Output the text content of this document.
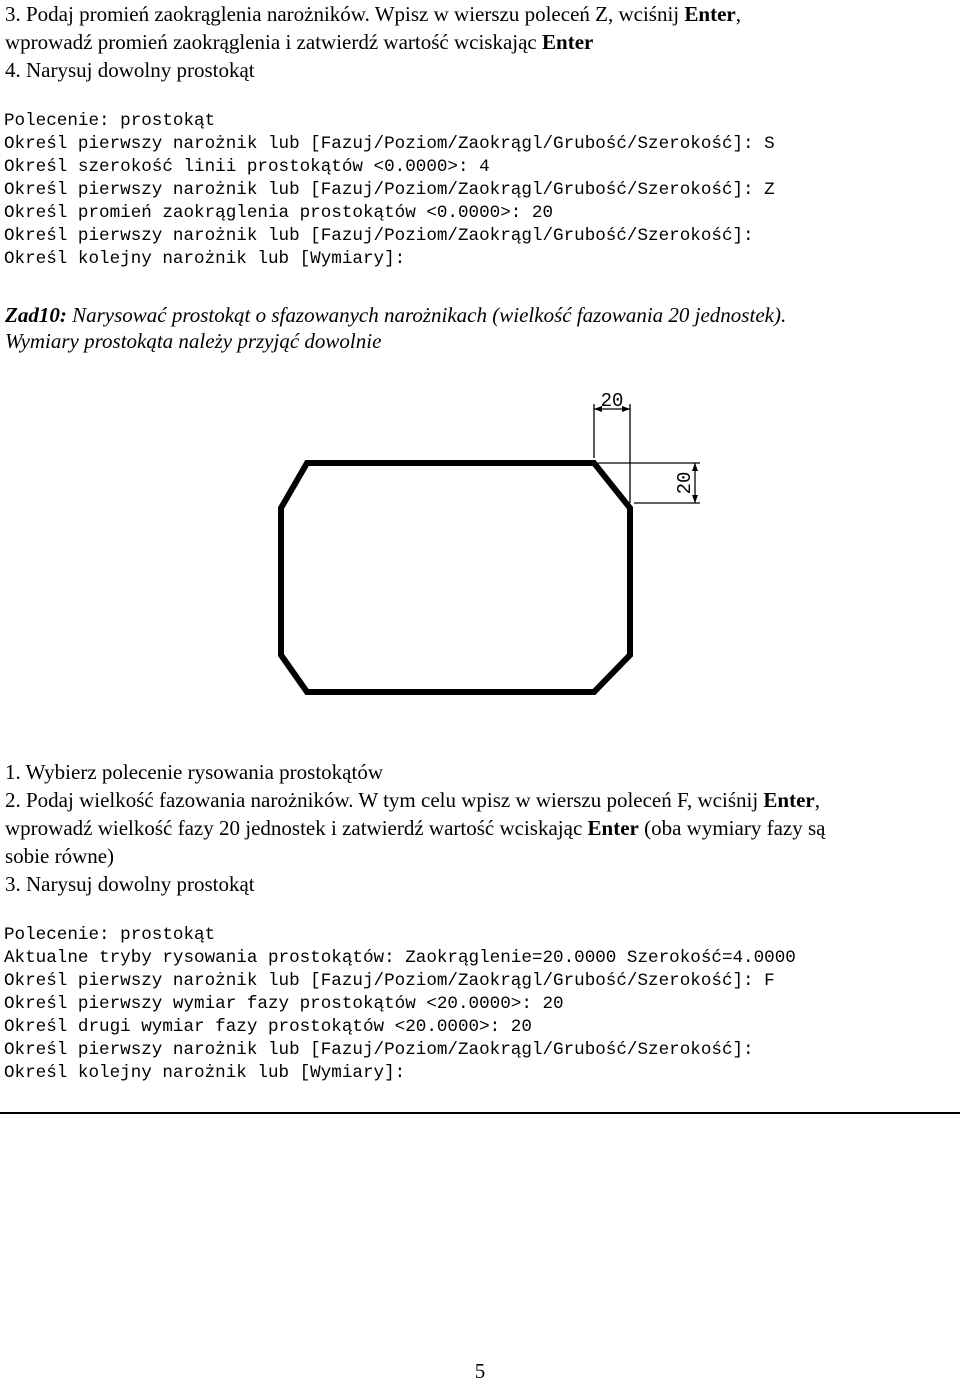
3. Podaj promień zaokrąglenia narożników. Wpisz w wierszu poleceń Z, wciśnij Enter,
wprowadź promień zaokrąglenia i zatwierdź wartość wciskając Enter
4. Narysuj dowolny prostokąt
Polecenie: prostokąt
Określ pierwszy narożnik lub [Fazuj/Poziom/Zaokrągl/Grubość/Szerokość]: S
Określ szerokość linii prostokątów <0.0000>: 4
Określ pierwszy narożnik lub [Fazuj/Poziom/Zaokrągl/Grubość/Szerokość]: Z
Określ promień zaokrąglenia prostokątów <0.0000>: 20
Określ pierwszy narożnik lub [Fazuj/Poziom/Zaokrągl/Grubość/Szerokość]:
Określ kolejny narożnik lub [Wymiary]:
Zad10: Narysować prostokąt o sfazowanych narożnikach (wielkość fazowania 20 jednostek).
Wymiary prostokąta należy przyjąć dowolnie
20
20
1. Wybierz polecenie rysowania prostokątów
2. Podaj wielkość fazowania narożników. W tym celu wpisz w wierszu poleceń F, wciśnij Enter,
wprowadź wielkość fazy 20 jednostek i zatwierdź wartość wciskając Enter (oba wymiary fazy są
sobie równe)
3. Narysuj dowolny prostokąt
Polecenie: prostokąt
Aktualne tryby rysowania prostokątów: Zaokrąglenie=20.0000 Szerokość=4.0000
Określ pierwszy narożnik lub [Fazuj/Poziom/Zaokrągl/Grubość/Szerokość]: F
Określ pierwszy wymiar fazy prostokątów <20.0000>: 20
Określ drugi wymiar fazy prostokątów <20.0000>: 20
Określ pierwszy narożnik lub [Fazuj/Poziom/Zaokrągl/Grubość/Szerokość]:
Określ kolejny narożnik lub [Wymiary]:
5
